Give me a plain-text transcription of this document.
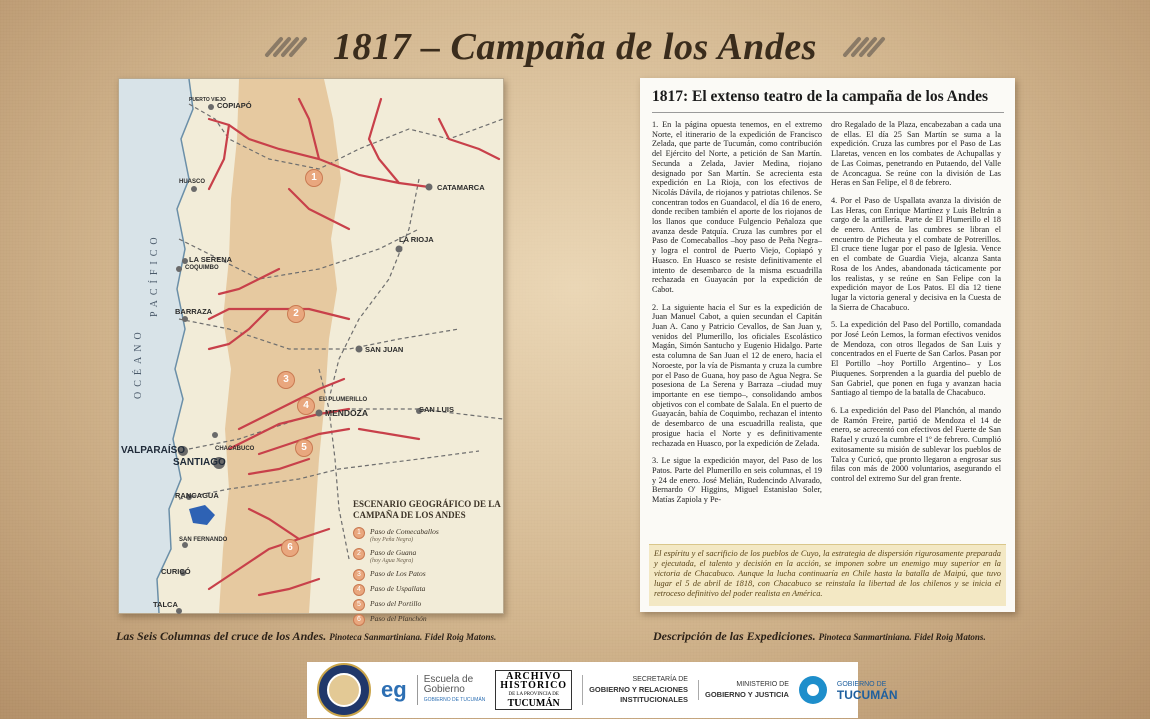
1817 – Campaña de los Andes
OCÉANO
PACÍFICO
COPIAPÓ
PUERTO VIEJO
HUASCO
CATAMARCA
LA RIOJA
LA SERENA
COQUIMBO
BARRAZA
SAN JUAN
MENDOZA
EL PLUMERILLO
SAN LUIS
VALPARAÍSO
SANTIAGO
CHACABUCO
RANCAGUA
SAN FERNANDO
CURICÓ
TALCA
1
2
3
4
5
6
ESCENARIO GEOGRÁFICO DE LA CAMPAÑA DE LOS ANDES
1	Paso de Comecaballos
(hoy Peña Negra)
2	Paso de Guana
(hoy Agua Negra)
3	Paso de Los Patos
4	Paso de Uspallata
5	Paso del Portillo
6	Paso del Planchón
Las Seis Columnas del cruce de los Andes. Pinoteca Sanmartiniana. Fidel Roig Matons.
1817: El extenso teatro de la campaña de los Andes

1. En la página opuesta tenemos, en el extremo Norte, el itinerario de la expedición de Francisco Zelada, que parte de Tucumán, como contribución del Ejército del Norte, a petición de San Martín. Secunda a Zelada, Javier Medina, riojano designado por San Martín. Se acrecienta esta expedición en La Rioja, con los efectivos de Nicolás Dávila, de riojanos y patriotas chilenos. Se concentran todos en Guandacol, el día 16 de enero, donde reciben también el aporte de los riojanos de los llanos que conduce Fulgencio Peñaloza que avanza desde Patquía. Cruza las cumbres por el Paso de Comecaballos –hoy paso de Peña Negra– y logra el control de Puerto Viejo, Copiapó y Huasco. En Huasco se resiste definitivamente el intento de desembarco de la misma escuadrilla rechazada en Guayacán por la expedición de Cabot.

2. La siguiente hacia el Sur es la expedición de Juan Manuel Cabot, a quien secundan el Capitán Juan A. Cano y Patricio Cevallos, de San Juan y, venidos del Plumerillo, los oficiales Escolástico Magán, Simón Santucho y Eugenio Hidalgo. Parte esta columna de San Juan el 12 de enero, hacia el Noroeste, por la vía de Pismanta y cruza la cumbre por el Paso de Guana, hoy paso de Agua Negra. Se posesiona de La Serena y Barraza –ciudad muy importante en ese tiempo–, consolidando ambos objetivos con el combate de Salala. En el puerto de Guayacán, bahía de Coquimbo, rechazan el intento de desembarco de una escuadrilla realista, que prosigue hacia el Norte y es definitivamente rechazada en Huasco, por la expedición de Zelada.

3. Le sigue la expedición mayor, del Paso de los Patos. Parte del Plumerillo en seis columnas, el 19 y 24 de enero. José Melián, Rudencindo Alvarado, Bernardo O' Higgins, Miguel Estanislao Soler, Matías Zapiola y Pe-

dro Regalado de la Plaza, encabezaban a cada una de ellas. El día 25 San Martín se suma a la expedición. Cruza las cumbres por el Paso de Las Llaretas, vencen en los combates de Achupallas y de Las Coimas, penetrando en Putaendo, del Valle de Aconcagua. Se reúne con la división de Las Heras en San Felipe, el 8 de febrero.

4. Por el Paso de Uspallata avanza la división de Las Heras, con Enrique Martínez y Luis Beltrán a cargo de la artillería. Parte de El Plumerillo el 18 de enero. Antes de las cumbres se libran el encuentro de Picheuta y el combate de Potrerillos. El cruce tiene lugar por el paso de Iglesia. Vence en el combate de Guardia Vieja, alcanza Santa Rosa de los Andes, abandonada tácticamente por los realistas, y se reúne en San Felipe con la expedición mayor de Los Patos. El día 12 tiene lugar la victoria general y decisiva en la Cuesta de la Sierra de Chacabuco.

5. La expedición del Paso del Portillo, comandada por José León Lemos, la forman efectivos venidos de Mendoza, con otros llegados de San Luis y concentrados en el Fuerte de San Carlos. Pasan por El Portillo –hoy Portillo Argentino– y Los Piuquenes. Sorprenden a la guardia del pueblo de San Gabriel, que ponen en fuga y avanzan hacia Santiago al tiempo de la batalla de Chacabuco.

6. La expedición del Paso del Planchón, al mando de Ramón Freire, partió de Mendoza el 14 de enero, se acrecentó con efectivos del Fuerte de San Rafael y cruzó la cumbre el 1º de febrero. Cumplió exitosamente su misión de sublevar los pueblos de Talca y Curicó, que pronto llegaron a engrosar sus filas con más de 2000 voluntarios, asegurando el control del extremo Sur del gran frente.

El espíritu y el sacrificio de los pueblos de Cuyo, la estrategia de dispersión rigurosamente preparada y ejecutada, el talento y decisión en la acción, se imponen sobre un enemigo muy superior en la victoria de Chacabuco. Aunque la lucha continuaría en Chile hasta la batalla de Maipú, que tuvo lugar el 5 de abril de 1818, con Chacabuco se reinstala la libertad de los chilenos y se inicia el retroceso definitivo del poder realista en América.
Descripción de las Expediciones. Pinoteca Sanmartiniana. Fidel Roig Matons.
eg	Escuela de
Gobierno
GOBIERNO DE TUCUMÁN
ARCHIVO
HISTÓRICO
DE LA PROVINCIA DE
TUCUMÁN
SECRETARÍA DE
GOBIERNO Y RELACIONES
INSTITUCIONALES
MINISTERIO DE
GOBIERNO Y JUSTICIA
GOBIERNO DE
TUCUMÁN
